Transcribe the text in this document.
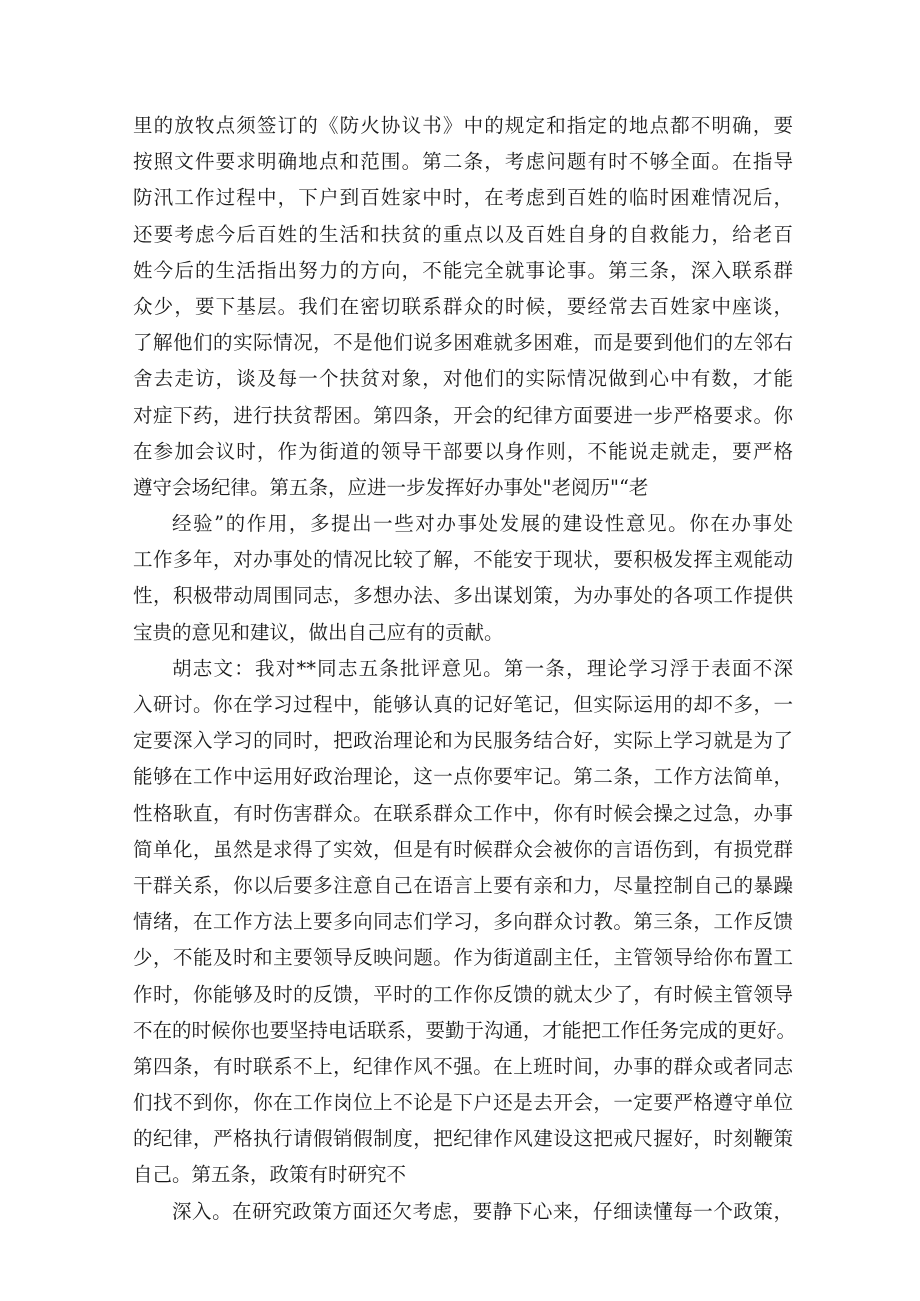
里的放牧点须签订的《防火协议书》中的规定和指定的地点都不明确，要
按照文件要求明确地点和范围。第二条，考虑问题有时不够全面。在指导
防汛工作过程中，下户到百姓家中时，在考虑到百姓的临时困难情况后，
还要考虑今后百姓的生活和扶贫的重点以及百姓自身的自救能力，给老百
姓今后的生活指出努力的方向，不能完全就事论事。第三条，深入联系群
众少，要下基层。我们在密切联系群众的时候，要经常去百姓家中座谈，
了解他们的实际情况，不是他们说多困难就多困难，而是要到他们的左邻右
舍去走访，谈及每一个扶贫对象，对他们的实际情况做到心中有数，才能
对症下药，进行扶贫帮困。第四条，开会的纪律方面要进一步严格要求。你
在参加会议时，作为街道的领导干部要以身作则，不能说走就走，要严格
遵守会场纪律。第五条，应进一步发挥好办事处"老阅历"“老
经验”的作用，多提出一些对办事处发展的建设性意见。你在办事处
工作多年，对办事处的情况比较了解，不能安于现状，要积极发挥主观能动
性，积极带动周围同志，多想办法、多出谋划策，为办事处的各项工作提供
宝贵的意见和建议，做出自己应有的贡献。
胡志文：我对**同志五条批评意见。第一条，理论学习浮于表面不深
入研讨。你在学习过程中，能够认真的记好笔记，但实际运用的却不多，一
定要深入学习的同时，把政治理论和为民服务结合好，实际上学习就是为了
能够在工作中运用好政治理论，这一点你要牢记。第二条，工作方法简单，
性格耿直，有时伤害群众。在联系群众工作中，你有时候会操之过急，办事
简单化，虽然是求得了实效，但是有时候群众会被你的言语伤到，有损党群
干群关系，你以后要多注意自己在语言上要有亲和力，尽量控制自己的暴躁
情绪，在工作方法上要多向同志们学习，多向群众讨教。第三条，工作反馈
少，不能及时和主要领导反映问题。作为街道副主任，主管领导给你布置工
作时，你能够及时的反馈，平时的工作你反馈的就太少了，有时候主管领导
不在的时候你也要坚持电话联系，要勤于沟通，才能把工作任务完成的更好。
第四条，有时联系不上，纪律作风不强。在上班时间，办事的群众或者同志
们找不到你，你在工作岗位上不论是下户还是去开会，一定要严格遵守单位
的纪律，严格执行请假销假制度，把纪律作风建设这把戒尺握好，时刻鞭策
自己。第五条，政策有时研究不
深入。在研究政策方面还欠考虑，要静下心来，仔细读懂每一个政策，
